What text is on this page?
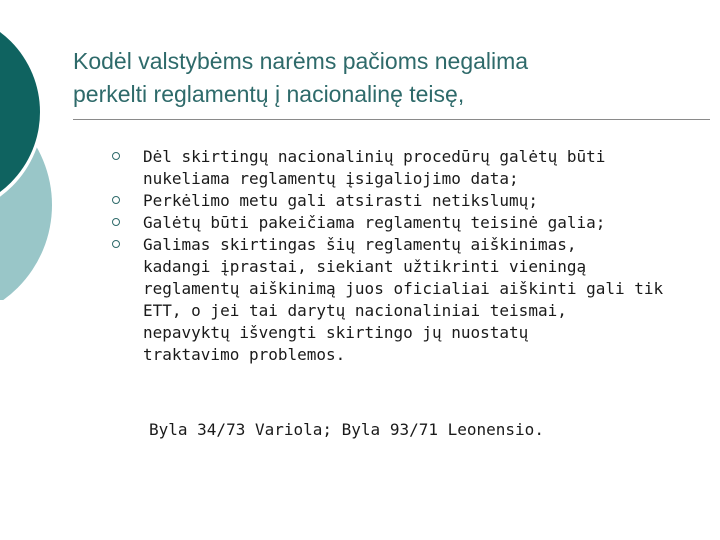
Kodėl valstybėms narėms pačioms negalima
perkelti reglamentų į nacionalinę teisę,
Dėl skirtingų nacionalinių procedūrų galėtų būti
nukeliama reglamentų įsigaliojimo data;
Perkėlimo metu gali atsirasti netikslumų;
Galėtų būti pakeičiama reglamentų teisinė galia;
Galimas skirtingas šių reglamentų aiškinimas,
kadangi įprastai, siekiant užtikrinti vieningą
reglamentų aiškinimą juos oficialiai aiškinti gali tik
ETT, o jei tai darytų nacionaliniai teismai,
nepavyktų išvengti skirtingo jų nuostatų
traktavimo problemos.
Byla 34/73 Variola; Byla 93/71 Leonensio.
